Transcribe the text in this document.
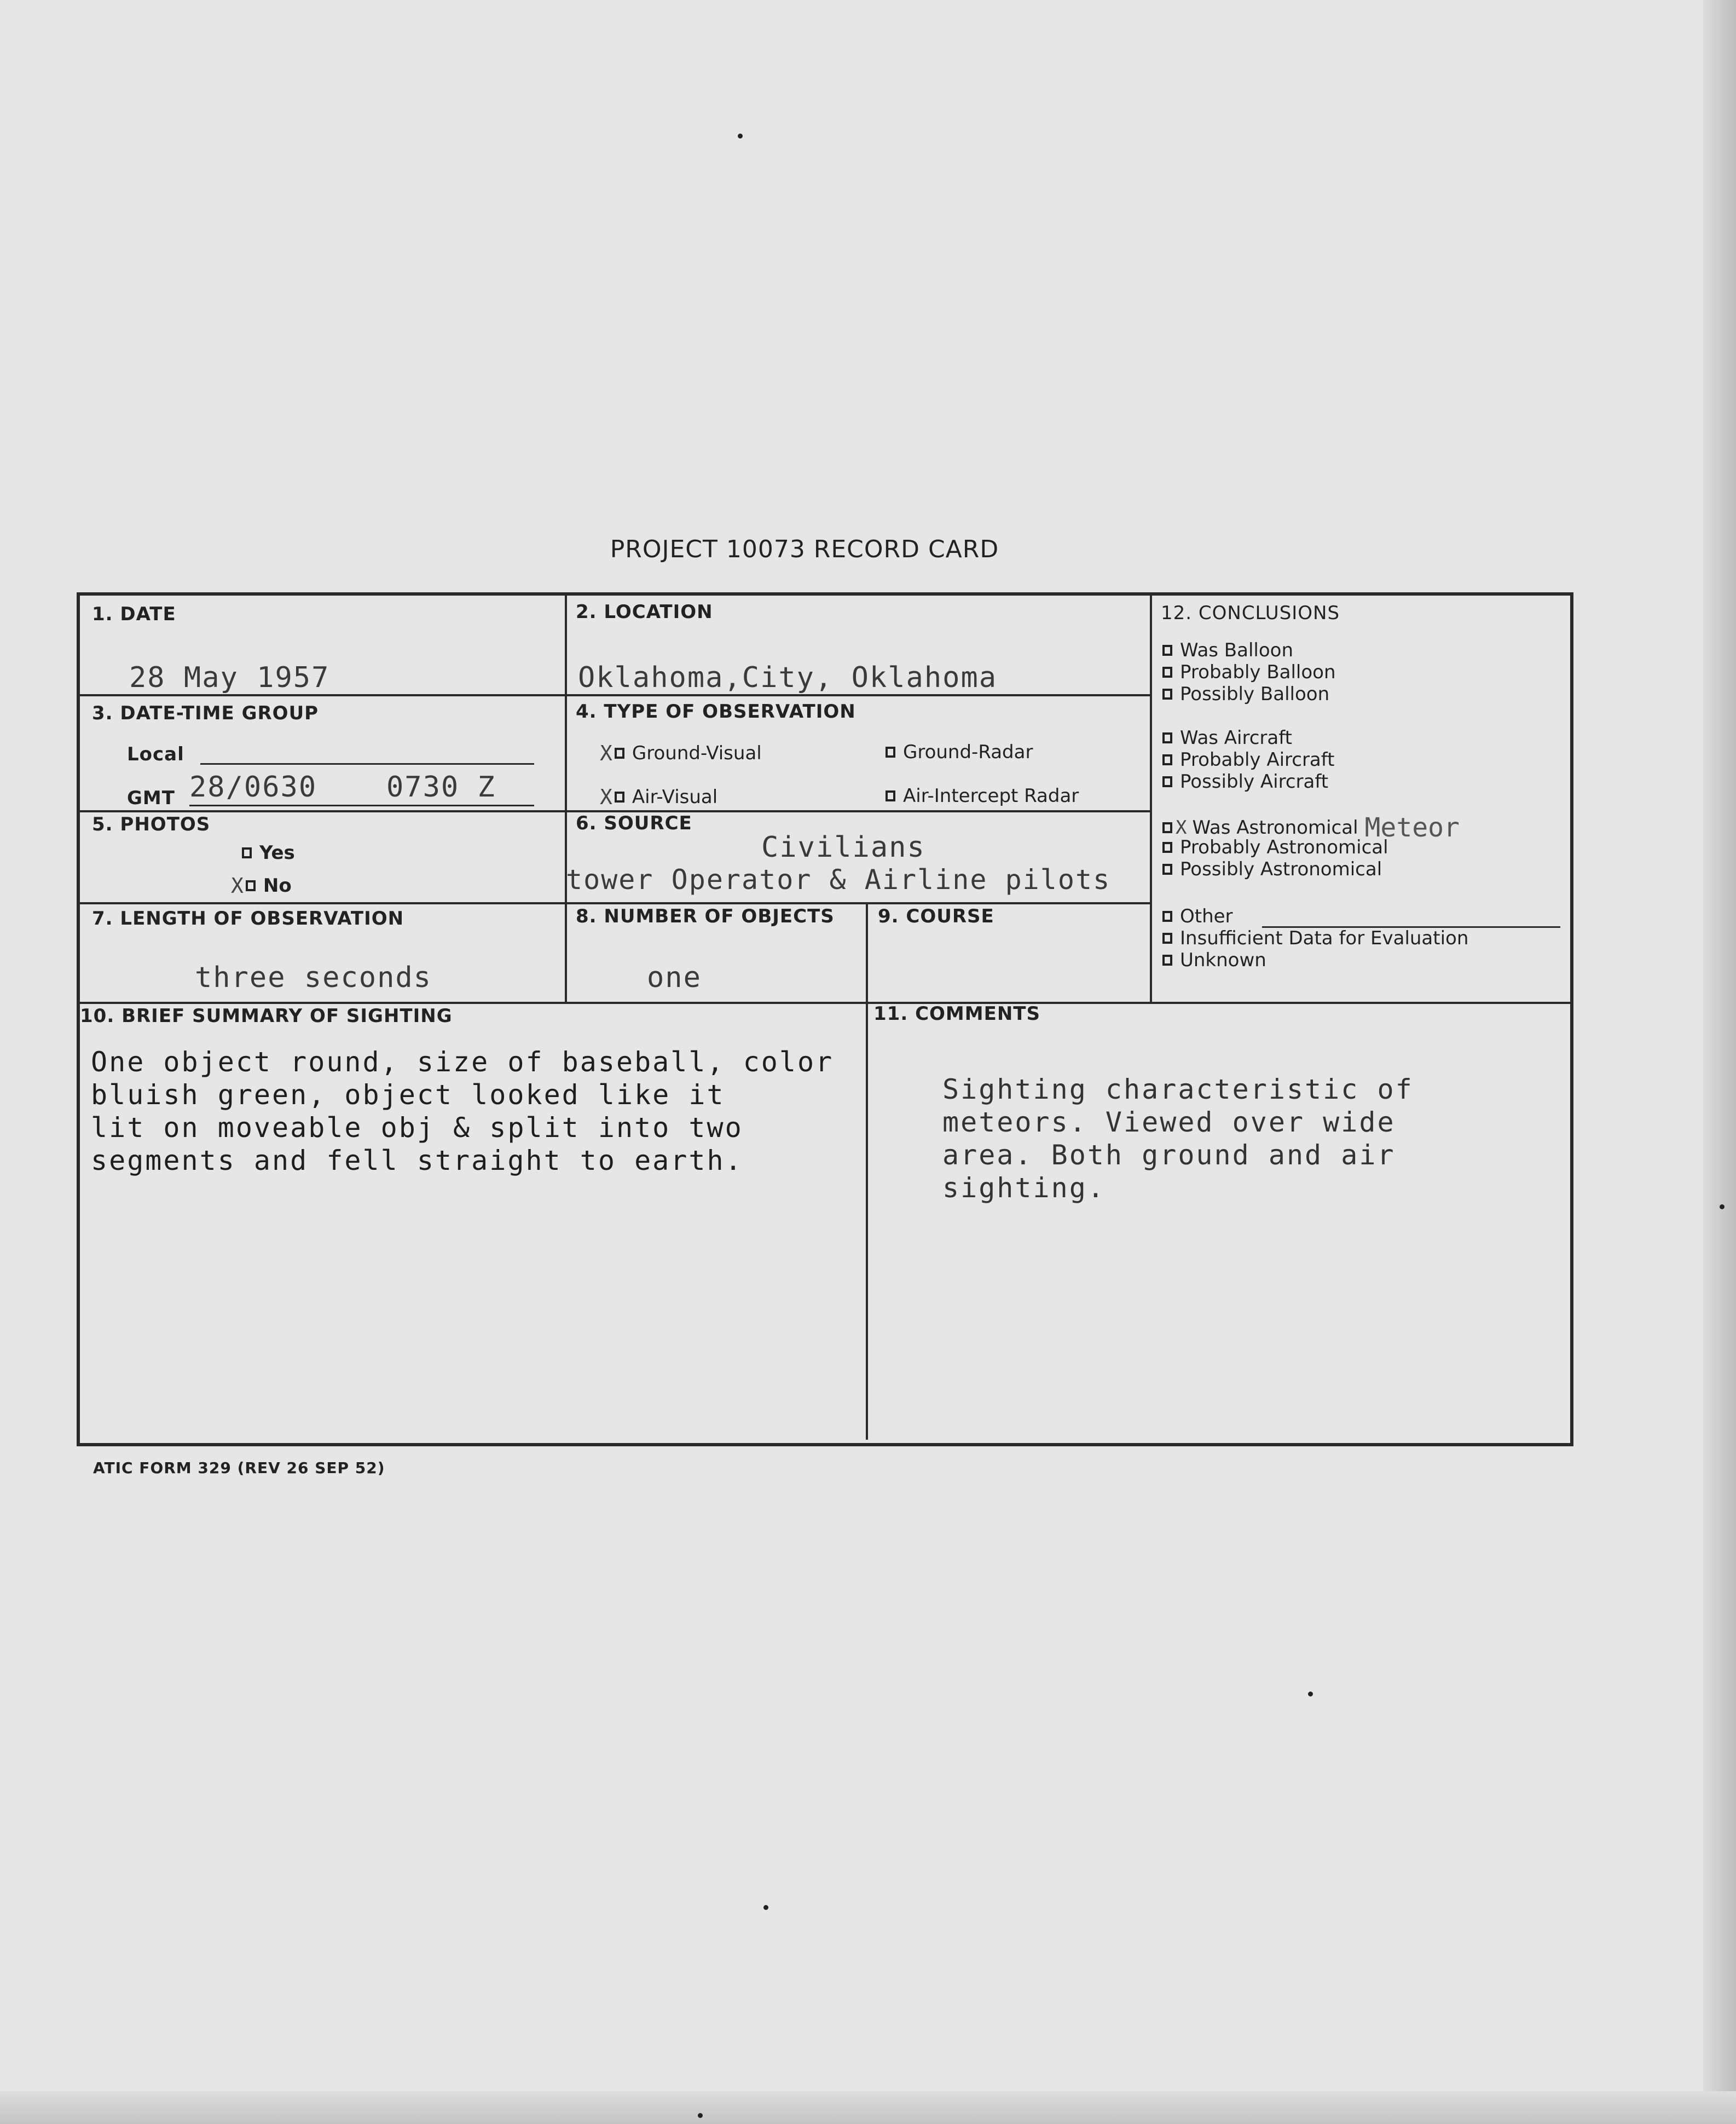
PROJECT 10073 RECORD CARD
1. DATE
28 May 1957
2. LOCATION
Oklahoma,City, Oklahoma
3. DATE-TIME GROUP
Local
GMT 28/0630 0730 Z
4. TYPE OF OBSERVATION
X Ground-Visual	Ground-Radar
X Air-Visual	Air-Intercept Radar
5. PHOTOS
Yes
X No
6. SOURCE
Civilians
tower Operator & Airline pilots
7. LENGTH OF OBSERVATION
three seconds
8. NUMBER OF OBJECTS
one
9. COURSE
12. CONCLUSIONS
Was Balloon
Probably Balloon
Possibly Balloon
Was Aircraft
Probably Aircraft
Possibly Aircraft
X Was Astronomical Meteor
Probably Astronomical
Possibly Astronomical
Other
Insufficient Data for Evaluation
Unknown
10. BRIEF SUMMARY OF SIGHTING
One object round, size of baseball, color
bluish green, object looked like it
lit on moveable obj & split into two
segments and fell straight to earth.
11. COMMENTS
Sighting characteristic of
meteors. Viewed over wide
area. Both ground and air
sighting.
ATIC FORM 329 (REV 26 SEP 52)
